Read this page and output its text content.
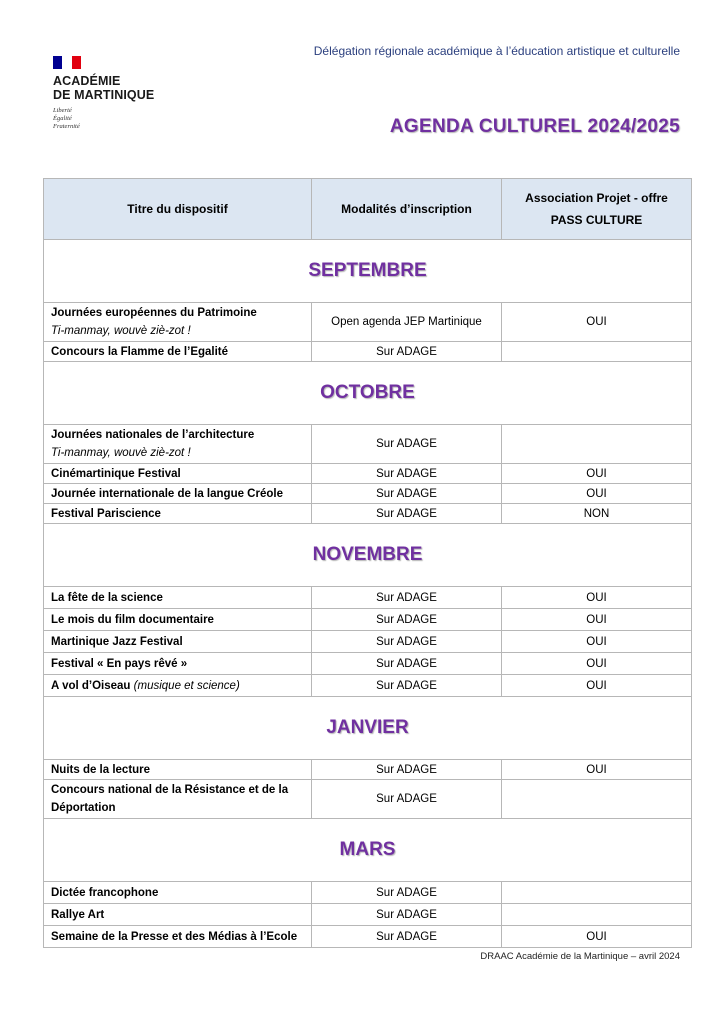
ACADÉMIE
DE MARTINIQUE
Liberté
Égalité
Fraternité
Délégation régionale académique à l’éducation artistique et culturelle
AGENDA CULTUREL 2024/2025
Titre du dispositif	Modalités d’inscription	Association Projet - offre
PASS CULTURE

SEPTEMBRE		
Journées européennes du Patrimoine
Ti-manmay, wouvè ziè-zot !	Open agenda JEP Martinique	OUI
Concours la Flamme de l’Egalité	Sur ADAGE	
OCTOBRE		
Journées nationales de l’architecture
Ti-manmay, wouvè ziè-zot !	Sur ADAGE	
Cinémartinique Festival	Sur ADAGE	OUI
Journée internationale de la langue Créole	Sur ADAGE	OUI
Festival Pariscience	Sur ADAGE	NON
NOVEMBRE		
La fête de la science	Sur ADAGE	OUI
Le mois du film documentaire	Sur ADAGE	OUI
Martinique Jazz Festival	Sur ADAGE	OUI
Festival « En pays rêvé »	Sur ADAGE	OUI
A vol d’Oiseau (musique et science)	Sur ADAGE	OUI
JANVIER		
Nuits de la lecture	Sur ADAGE	OUI
Concours national de la Résistance et de la Déportation	Sur ADAGE	
MARS		
Dictée francophone	Sur ADAGE	
Rallye Art	Sur ADAGE	
Semaine de la Presse et des Médias à l’Ecole	Sur ADAGE	OUI
DRAAC Académie de la Martinique – avril 2024
